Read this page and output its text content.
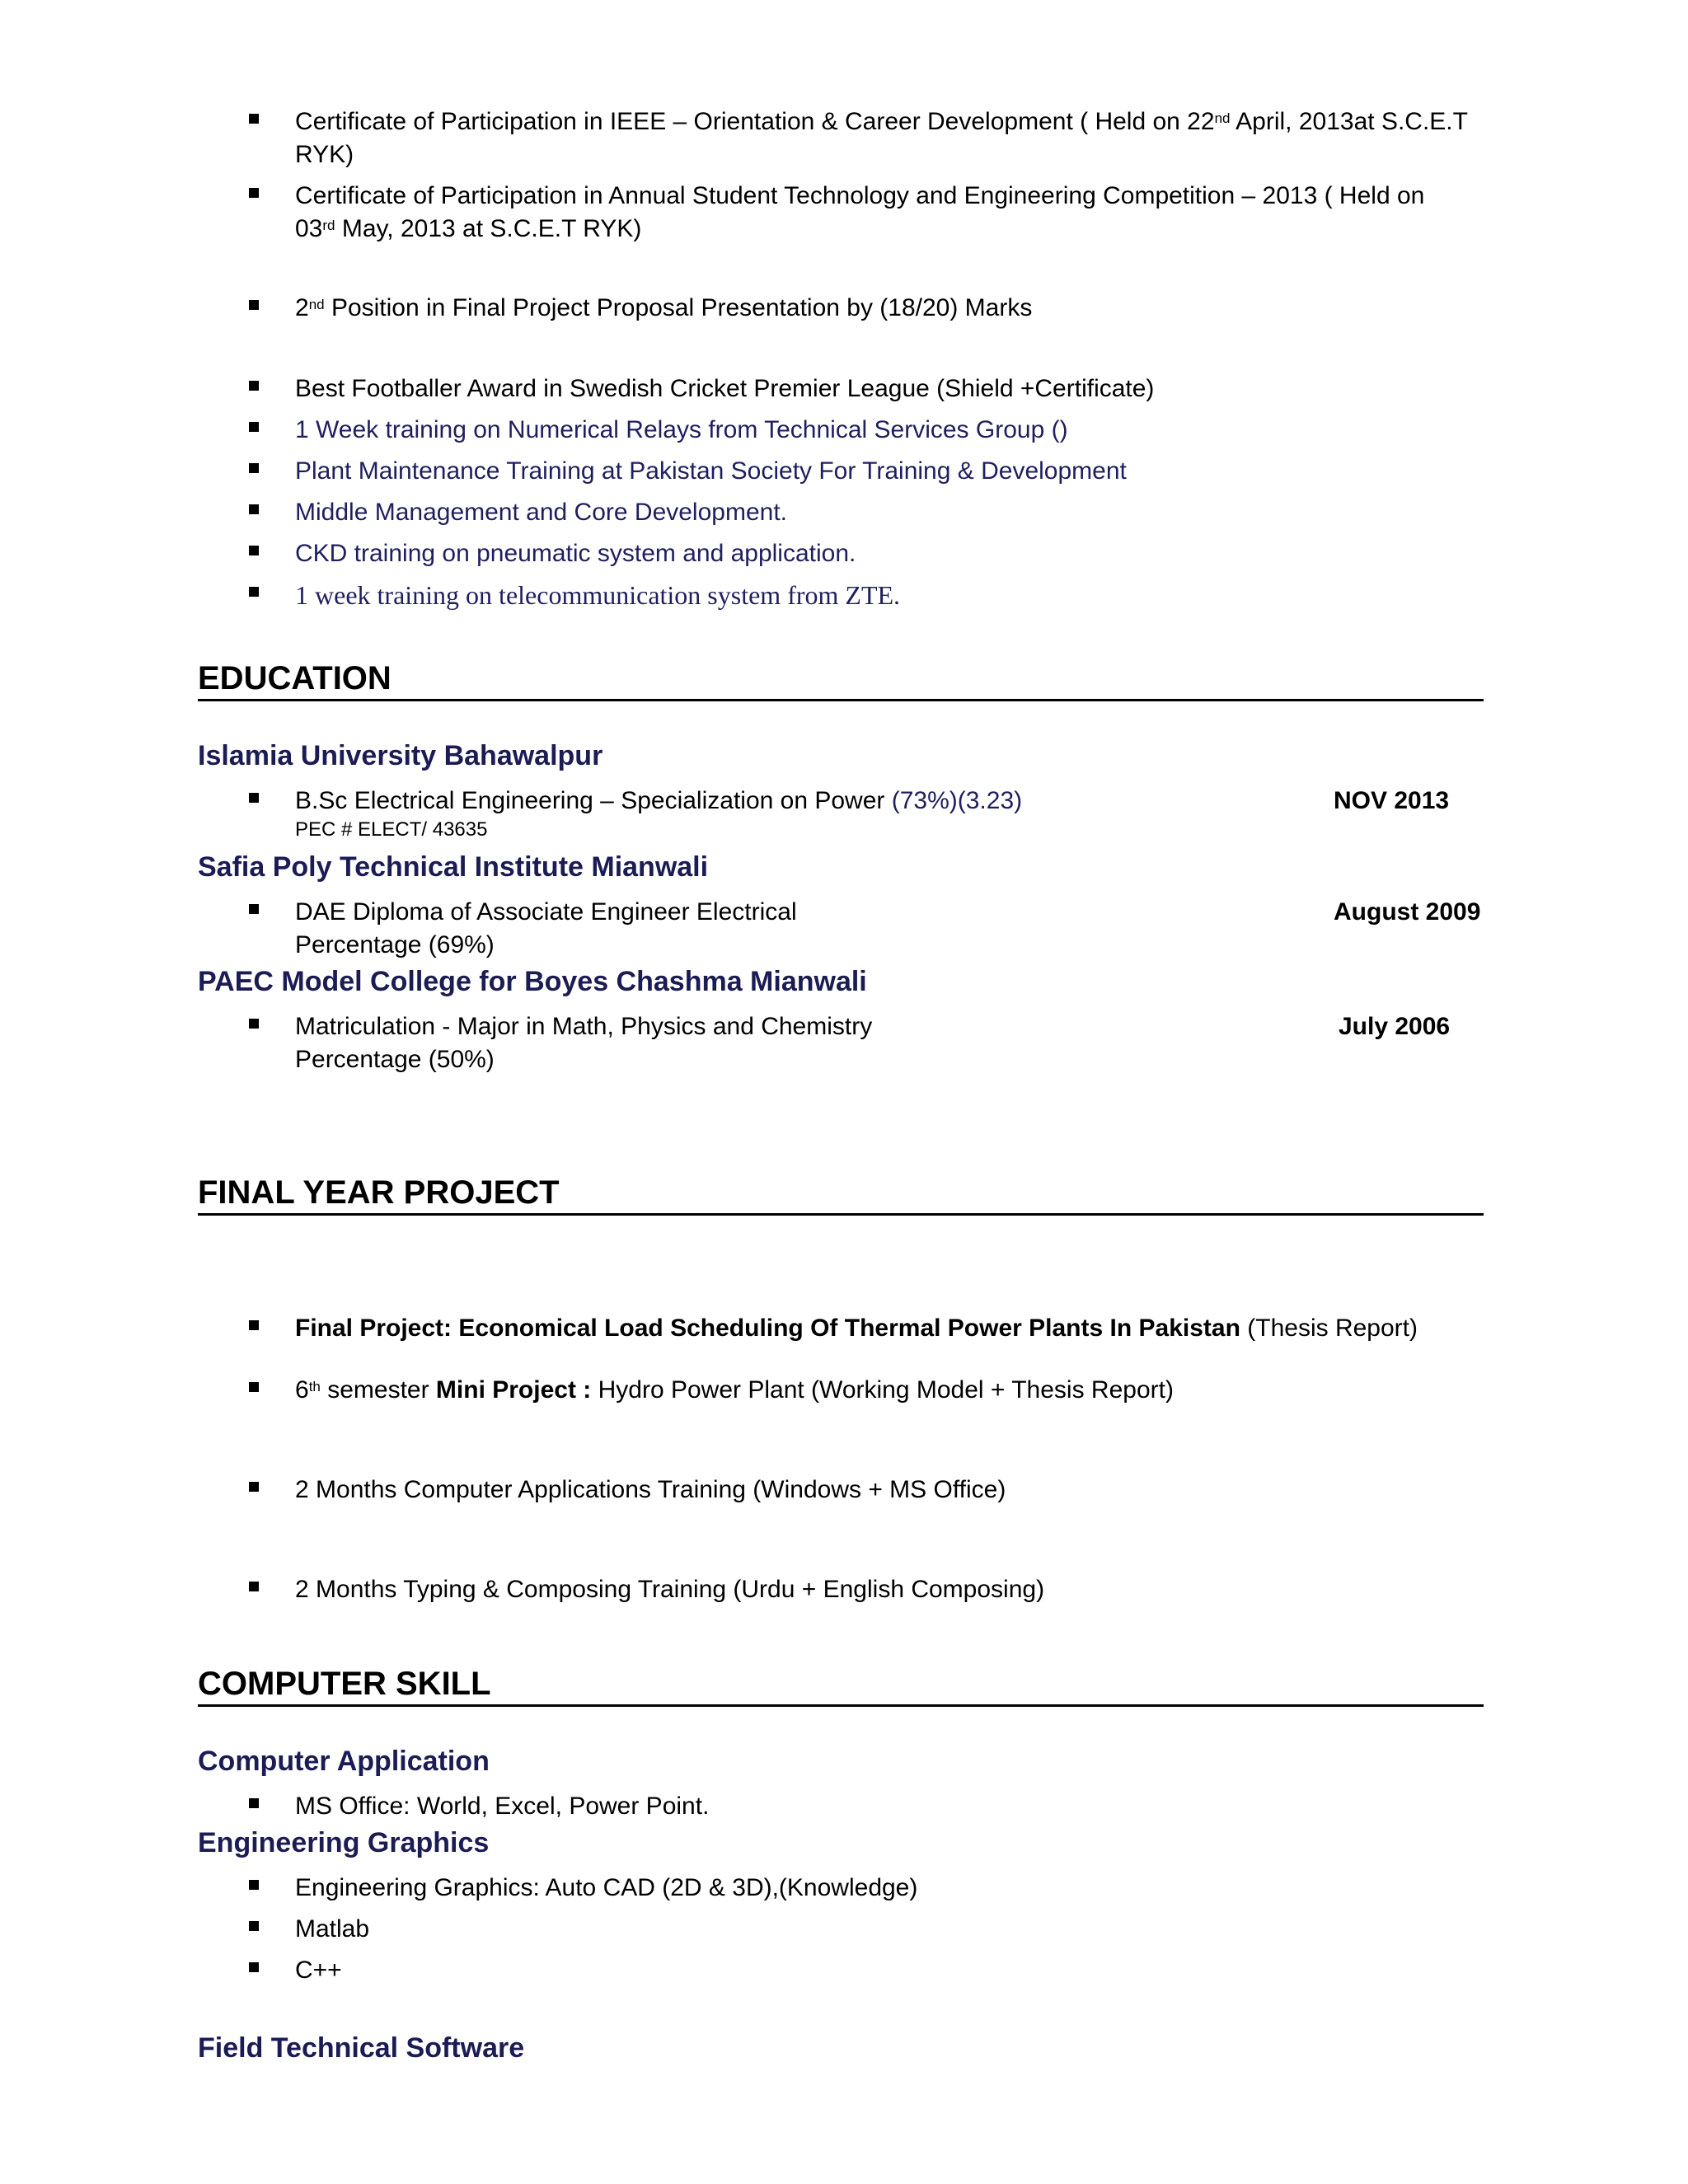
Certificate of Participation in IEEE – Orientation & Career Development ( Held on 22nd April, 2013at S.C.E.T
RYK)
Certificate of Participation in Annual Student Technology and Engineering Competition – 2013 ( Held on
03rd May, 2013 at S.C.E.T RYK)
2nd Position in Final Project Proposal Presentation by (18/20) Marks
Best Footballer Award in Swedish Cricket Premier League (Shield +Certificate)
1 Week training on Numerical Relays from Technical Services Group ()
Plant Maintenance Training at Pakistan Society For Training & Development
Middle Management and Core Development.
CKD training on pneumatic system and application.
1 week training on telecommunication system from ZTE.
EDUCATION
Islamia University Bahawalpur
B.Sc Electrical Engineering – Specialization on Power (73%)(3.23)
PEC # ELECT/ 43635
NOV 2013
Safia Poly Technical Institute Mianwali
DAE Diploma of Associate Engineer Electrical
Percentage (69%)
August 2009
PAEC Model College for Boyes Chashma Mianwali
Matriculation - Major in Math, Physics and Chemistry
Percentage (50%)
July 2006
FINAL YEAR PROJECT
Final Project: Economical Load Scheduling Of Thermal Power Plants In Pakistan (Thesis Report)
6th semester Mini Project : Hydro Power Plant (Working Model + Thesis Report)
2 Months Computer Applications Training (Windows + MS Office)
2 Months Typing & Composing Training (Urdu + English Composing)
COMPUTER SKILL
Computer Application
MS Office: World, Excel, Power Point.
Engineering Graphics
Engineering Graphics: Auto CAD (2D & 3D),(Knowledge)
Matlab
C++
Field Technical Software
